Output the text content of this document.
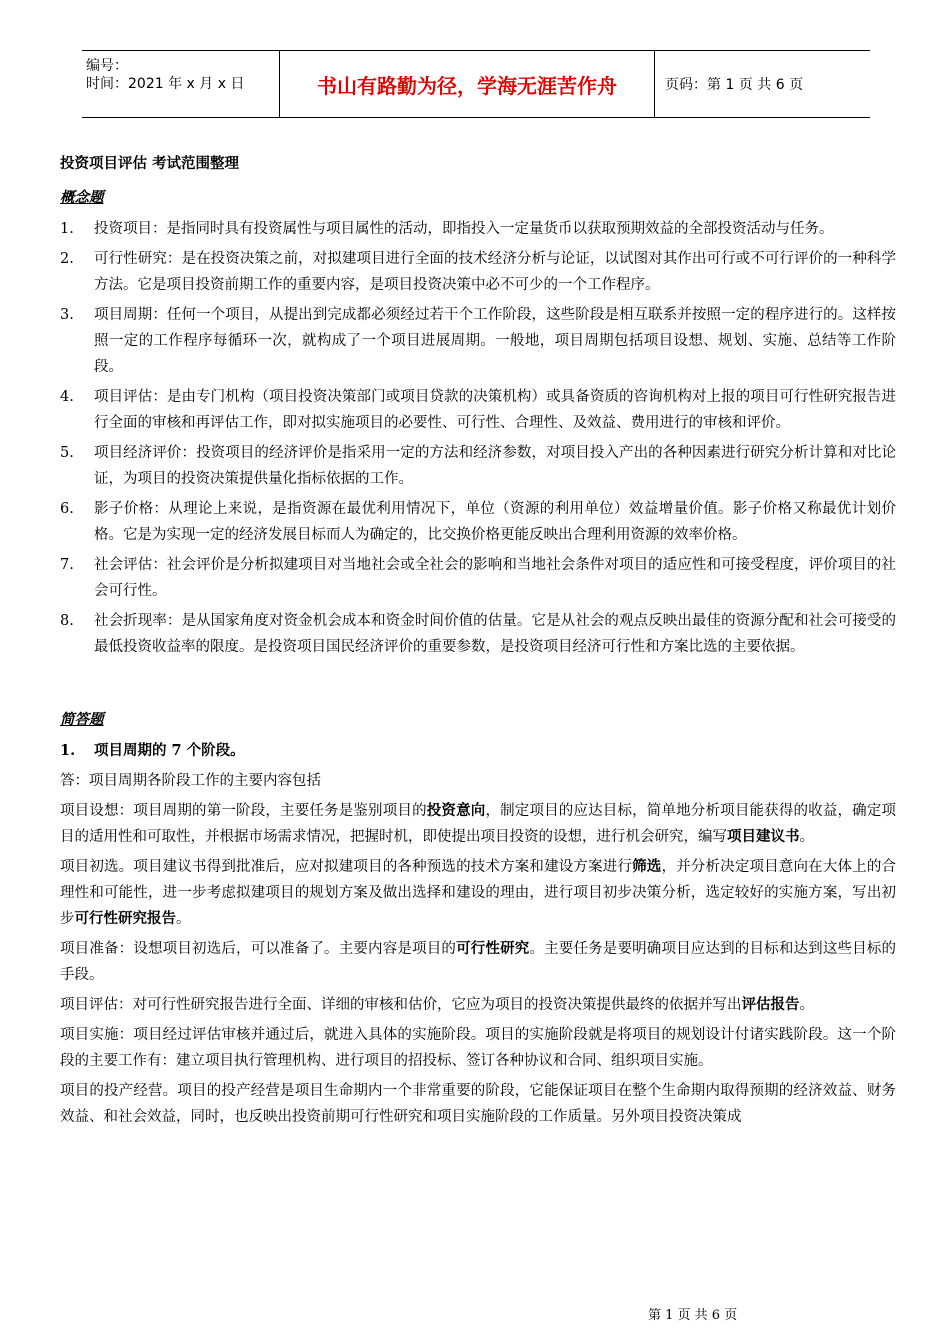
编号：
时间：2021 年 x 月 x 日	书山有路勤为径，学海无涯苦作舟	页码：第 1 页 共 6 页
投资项目评估 考试范围整理
概念题
1.	投资项目：是指同时具有投资属性与项目属性的活动，即指投入一定量货币以获取预期效益的全部投资活动与任务。
2.	可行性研究：是在投资决策之前，对拟建项目进行全面的技术经济分析与论证，以试图对其作出可行或不可行评价的一种科学方法。它是项目投资前期工作的重要内容，是项目投资决策中必不可少的一个工作程序。
3.	项目周期：任何一个项目，从提出到完成都必须经过若干个工作阶段，这些阶段是相互联系并按照一定的程序进行的。这样按照一定的工作程序每循环一次，就构成了一个项目进展周期。一般地，项目周期包括项目设想、规划、实施、总结等工作阶段。
4.	项目评估：是由专门机构（项目投资决策部门或项目贷款的决策机构）或具备资质的咨询机构对上报的项目可行性研究报告进行全面的审核和再评估工作，即对拟实施项目的必要性、可行性、合理性、及效益、费用进行的审核和评价。
5.	项目经济评价：投资项目的经济评价是指采用一定的方法和经济参数，对项目投入产出的各种因素进行研究分析计算和对比论证，为项目的投资决策提供量化指标依据的工作。
6.	影子价格：从理论上来说，是指资源在最优利用情况下，单位（资源的利用单位）效益增量价值。影子价格又称最优计划价格。它是为实现一定的经济发展目标而人为确定的，比交换价格更能反映出合理利用资源的效率价格。
7.	社会评估：社会评价是分析拟建项目对当地社会或全社会的影响和当地社会条件对项目的适应性和可接受程度，评价项目的社会可行性。
8.	社会折现率：是从国家角度对资金机会成本和资金时间价值的估量。它是从社会的观点反映出最佳的资源分配和社会可接受的最低投资收益率的限度。是投资项目国民经济评价的重要参数，是投资项目经济可行性和方案比选的主要依据。
简答题
1.	项目周期的 7 个阶段。
答：项目周期各阶段工作的主要内容包括
项目设想：项目周期的第一阶段，主要任务是鉴别项目的投资意向，制定项目的应达目标，简单地分析项目能获得的收益，确定项目的适用性和可取性，并根据市场需求情况，把握时机，即使提出项目投资的设想，进行机会研究，编写项目建议书。
项目初选。项目建议书得到批准后，应对拟建项目的各种预选的技术方案和建设方案进行筛选，并分析决定项目意向在大体上的合理性和可能性，进一步考虑拟建项目的规划方案及做出选择和建设的理由，进行项目初步决策分析，选定较好的实施方案，写出初步可行性研究报告。
项目准备：设想项目初选后，可以准备了。主要内容是项目的可行性研究。主要任务是要明确项目应达到的目标和达到这些目标的手段。
项目评估：对可行性研究报告进行全面、详细的审核和估价，它应为项目的投资决策提供最终的依据并写出评估报告。
项目实施：项目经过评估审核并通过后，就进入具体的实施阶段。项目的实施阶段就是将项目的规划设计付诸实践阶段。这一个阶段的主要工作有：建立项目执行管理机构、进行项目的招投标、签订各种协议和合同、组织项目实施。
项目的投产经营。项目的投产经营是项目生命期内一个非常重要的阶段，它能保证项目在整个生命期内取得预期的经济效益、财务效益、和社会效益，同时，也反映出投资前期可行性研究和项目实施阶段的工作质量。另外项目投资决策成
第 1 页 共 6 页
